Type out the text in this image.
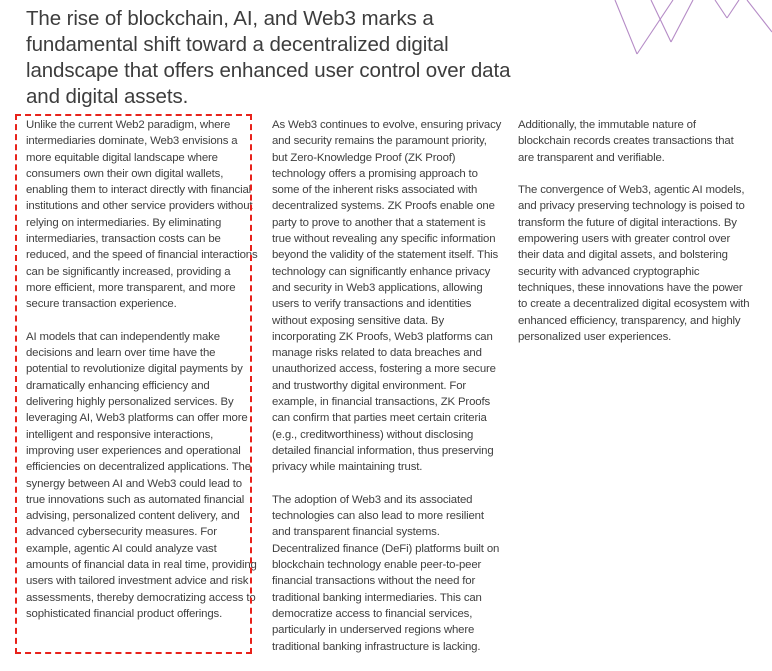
The rise of blockchain, AI, and Web3 marks a fundamental shift toward a decentralized digital landscape that offers enhanced user control over data and digital assets.

Unlike the current Web2 paradigm, where intermediaries dominate, Web3 envisions a more equitable digital landscape where consumers own their own digital wallets, enabling them to interact directly with financial institutions and other service providers without relying on intermediaries. By eliminating intermediaries, transaction costs can be reduced, and the speed of financial interactions can be significantly increased, providing a more efficient, more transparent, and more secure transaction experience.

AI models that can independently make decisions and learn over time have the potential to revolutionize digital payments by dramatically enhancing efficiency and delivering highly personalized services. By leveraging AI, Web3 platforms can offer more intelligent and responsive interactions, improving user experiences and operational efficiencies on decentralized applications. The synergy between AI and Web3 could lead to true innovations such as automated financial advising, personalized content delivery, and advanced cybersecurity measures. For example, agentic AI could analyze vast amounts of financial data in real time, providing users with tailored investment advice and risk assessments, thereby democratizing access to sophisticated financial product offerings.

As Web3 continues to evolve, ensuring privacy and security remains the paramount priority, but Zero-Knowledge Proof (ZK Proof) technology offers a promising approach to some of the inherent risks associated with decentralized systems. ZK Proofs enable one party to prove to another that a statement is true without revealing any specific information beyond the validity of the statement itself. This technology can significantly enhance privacy and security in Web3 applications, allowing users to verify transactions and identities without exposing sensitive data. By incorporating ZK Proofs, Web3 platforms can manage risks related to data breaches and unauthorized access, fostering a more secure and trustworthy digital environment. For example, in financial transactions, ZK Proofs can confirm that parties meet certain criteria (e.g., creditworthiness) without disclosing detailed financial information, thus preserving privacy while maintaining trust.

The adoption of Web3 and its associated technologies can also lead to more resilient and transparent financial systems. Decentralized finance (DeFi) platforms built on blockchain technology enable peer-to-peer financial transactions without the need for traditional banking intermediaries. This can democratize access to financial services, particularly in underserved regions where traditional banking infrastructure is lacking.

Additionally, the immutable nature of blockchain records creates transactions that are transparent and verifiable.

The convergence of Web3, agentic AI models, and privacy preserving technology is poised to transform the future of digital interactions. By empowering users with greater control over their data and digital assets, and bolstering security with advanced cryptographic techniques, these innovations have the power to create a decentralized digital ecosystem with enhanced efficiency, transparency, and highly personalized user experiences.
